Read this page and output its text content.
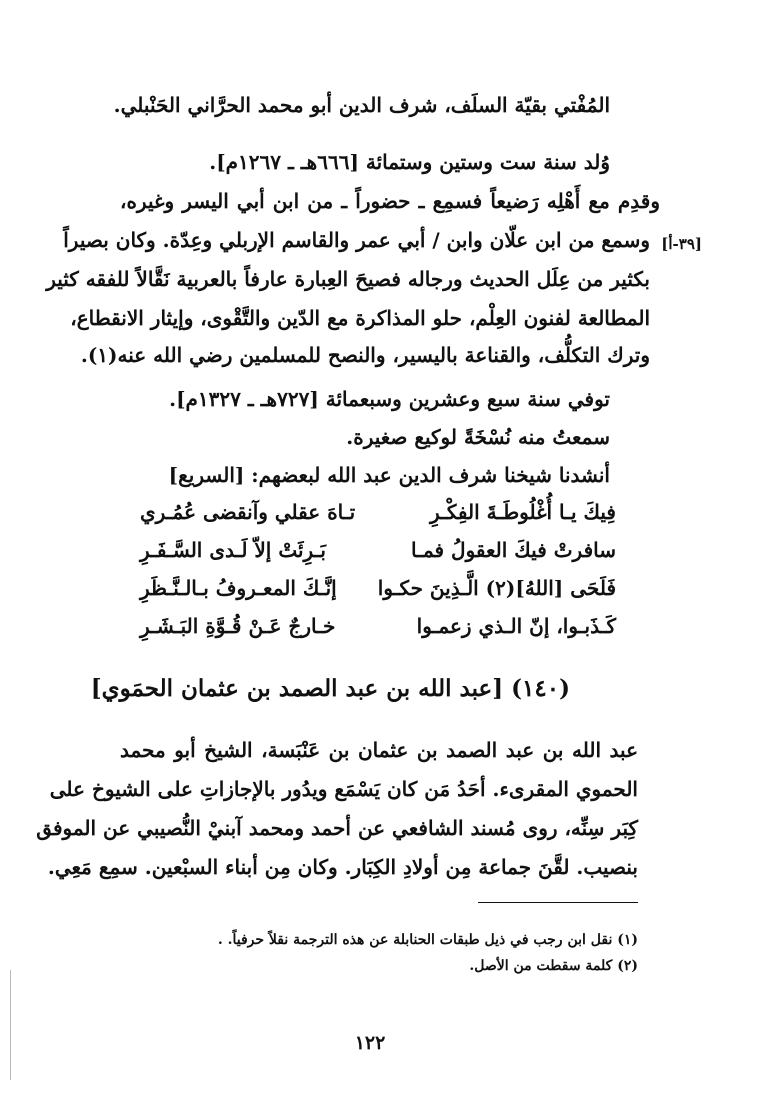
المُفْتي بقيّة السلَف، شرف الدين أبو محمد الحرَّاني الحَنْبلي.
وُلد سنة ست وستين وستمائة [٦٦٦هـ ـ ١٢٦٧م].
وقدِم مع أَهْلِه رَضيعاً فسمِع ـ حضوراً ـ من ابن أبي اليسر وغيره،
وسمع من ابن علّان وابن / أبي عمر والقاسم الإربلي وعِدّة. وكان بصيراً [٣٩-أ]
بكثير من عِلَل الحديث ورجاله فصيحَ العِبارة عارفاً بالعربية نَقَّالاً للفقه كثير
المطالعة لفنون العِلْم، حلو المذاكرة مع الدّين والتَّقْوى، وإيثار الانقطاع،
وترك التكلُّف، والقناعة باليسير، والنصح للمسلمين رضي الله عنه(١).
توفي سنة سبع وعشرين وسبعمائة [٧٢٧هـ ـ ١٣٢٧م].
سمعتُ منه نُسْخَةً لوكيع صغيرة.
أنشدنا شيخنا شرف الدين عبد الله لبعضهم: [السريع]
فِيكَ يـا أُغْلُوطَـةَ الفِكْـرِ
تـاهَ عقلي وآنقضى عُمُـري
سافرتْ فيكَ العقولُ فمـا
بَـرِئَتْ إلاّ لَـدى السَّـفَـرِ
فَلَحَى [اللهُ](٢) الَّـذِينَ حكـوا
إنَّـكَ المعـروفُ بـالـنَّـظَرِ
كَـذَبـوا، إنّ الـذي زعمـوا
خـارجٌ عَـنْ قُـوَّةِ البَـشَـرِ
(١٤٠) [عبد الله بن عبد الصمد بن عثمان الحمَوي]
عبد الله بن عبد الصمد بن عثمان بن عَنْبَسة، الشيخ أبو محمد
الحموي المقرىء. أحَدُ مَن كان يَسْمَع ويدُور بالإجازاتِ على الشيوخ على
كِبَر سِنِّه، روى مُسند الشافعي عن أحمد ومحمد آبنيْ النُّصيبي عن الموفق
بنصيب. لقَّنَ جماعة مِن أولادِ الكِبَار. وكان مِن أبناء السبْعين. سمِع مَعِي.
(١) نقل ابن رجب في ذيل طبقات الحنابلة عن هذه الترجمة نقلاً حرفياً. .
(٢) كلمة سقطت من الأصل.
١٢٢
